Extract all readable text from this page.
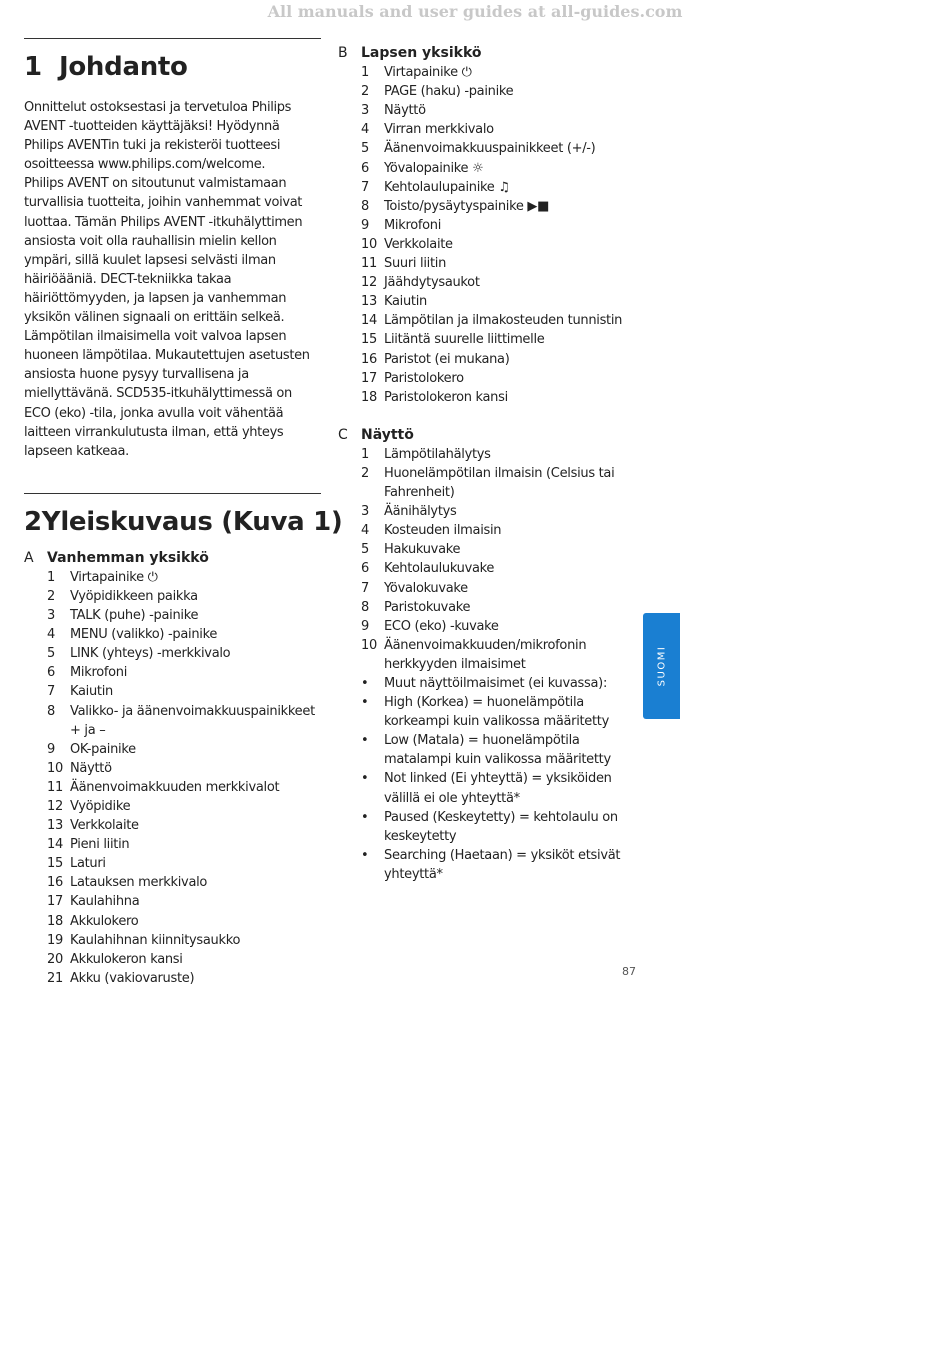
All manuals and user guides at all-guides.com
1 Johdanto

Onnittelut ostoksestasi ja tervetuloa Philips AVENT -tuotteiden käyttäjäksi! Hyödynnä Philips AVENTin tuki ja rekisteröi tuotteesi osoitteessa www.philips.com/welcome.

Philips AVENT on sitoutunut valmistamaan turvallisia tuotteita, joihin vanhemmat voivat luottaa. Tämän Philips AVENT -itkuhälyttimen ansiosta voit olla rauhallisin mielin kellon ympäri, sillä kuulet lapsesi selvästi ilman häiriöääniä. DECT-tekniikka takaa häiriöttömyyden, ja lapsen ja vanhemman yksikön välinen signaali on erittäin selkeä. Lämpötilan ilmaisimella voit valvoa lapsen huoneen lämpötilaa. Mukautettujen asetusten ansiosta huone pysyy turvallisena ja miellyttävänä. SCD535-itkuhälyttimessä on ECO (eko) -tila, jonka avulla voit vähentää laitteen virrankulutusta ilman, että yhteys lapseen katkeaa.

2 Yleiskuvaus (Kuva 1)
A Vanhemman yksikkö
1	Virtapainike ⏻
2	Vyöpidikkeen paikka
3	TALK (puhe) -painike
4	MENU (valikko) -painike
5	LINK (yhteys) -merkkivalo
6	Mikrofoni
7	Kaiutin
8	Valikko- ja äänenvoimakkuuspainikkeet + ja –
9	OK-painike
10 Näyttö
11 Äänenvoimakkuuden merkkivalot
12 Vyöpidike
13 Verkkolaite
14 Pieni liitin
15 Laturi
16 Latauksen merkkivalo
17 Kaulahihna
18 Akkulokero
19 Kaulahihnan kiinnitysaukko
20 Akkulokeron kansi
21 Akku (vakiovaruste)
B Lapsen yksikkö
1	Virtapainike ⏻
2	PAGE (haku) -painike
3	Näyttö
4	Virran merkkivalo
5	Äänenvoimakkuuspainikkeet (+/-)
6	Yövalopainike ☼
7	Kehtolaulupainike ♫
8	Toisto/pysäytyspainike ▶■
9	Mikrofoni
10 Verkkolaite
11 Suuri liitin
12 Jäähdytysaukot
13 Kaiutin
14 Lämpötilan ja ilmakosteuden tunnistin
15 Liitäntä suurelle liittimelle
16 Paristot (ei mukana)
17 Paristolokero
18 Paristolokeron kansi
C Näyttö
1	Lämpötilahälytys
2	Huonelämpötilan ilmaisin (Celsius tai Fahrenheit)
3	Äänihälytys
4	Kosteuden ilmaisin
5	Hakukuvake
6	Kehtolaulukuvake
7	Yövalokuvake
8	Paristokuvake
9	ECO (eko) -kuvake
10 Äänenvoimakkuuden/mikrofonin herkkyyden ilmaisimet
•	Muut näyttöilmaisimet (ei kuvassa):
•	High (Korkea) = huonelämpötila korkeampi kuin valikossa määritetty
•	Low (Matala) = huonelämpötila matalampi kuin valikossa määritetty
•	Not linked (Ei yhteyttä) = yksiköiden välillä ei ole yhteyttä*
•	Paused (Keskeytetty) = kehtolaulu on keskeytetty
•	Searching (Haetaan) = yksiköt etsivät yhteyttä*
SUOMI
87
